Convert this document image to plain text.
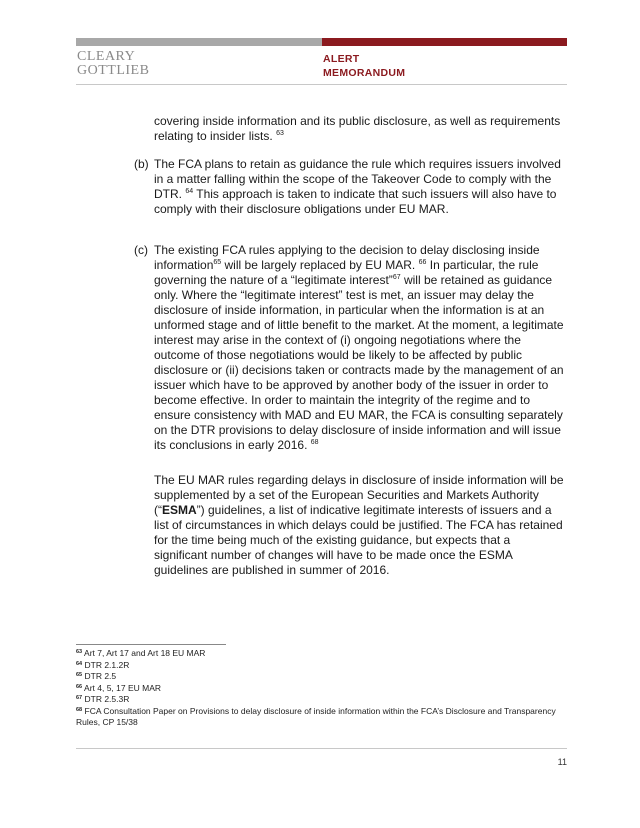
CLEARY
GOTTLIEB
ALERT
MEMORANDUM

covering inside information and its public disclosure, as well as requirements relating to insider lists. $^{63}$

(b) The FCA plans to retain as guidance the rule which requires issuers involved in a matter falling within the scope of the Takeover Code to comply with the DTR. $^{64}$ This approach is taken to indicate that such issuers will also have to comply with their disclosure obligations under EU MAR.
(c) The existing FCA rules applying to the decision to delay disclosing inside information$^{65}$ will be largely replaced by EU MAR. $^{66}$ In particular, the rule governing the nature of a “legitimate interest”$^{67}$ will be retained as guidance only. Where the “legitimate interest” test is met, an issuer may delay the disclosure of inside information, in particular when the information is at an unformed stage and of little benefit to the market. At the moment, a legitimate interest may arise in the context of (i) ongoing negotiations where the outcome of those negotiations would be likely to be affected by public disclosure or (ii) decisions taken or contracts made by the management of an issuer which have to be approved by another body of the issuer in order to become effective. In order to maintain the integrity of the regime and to ensure consistency with MAD and EU MAR, the FCA is consulting separately on the DTR provisions to delay disclosure of inside information and will issue its conclusions in early 2016. $^{68}$

The EU MAR rules regarding delays in disclosure of inside information will be supplemented by a set of the European Securities and Markets Authority (“ESMA”) guidelines, a list of indicative legitimate interests of issuers and a list of circumstances in which delays could be justified. The FCA has retained for the time being much of the existing guidance, but expects that a significant number of changes will have to be made once the ESMA guidelines are published in summer of 2016.

$^{63}$ Art 7, Art 17 and Art 18 EU MAR

$^{64}$ DTR 2.1.2R

$^{65}$ DTR 2.5

$^{66}$ Art 4, 5, 17 EU MAR

$^{67}$ DTR 2.5.3R

$^{68}$ FCA Consultation Paper on Provisions to delay disclosure of inside information within the FCA’s Disclosure and Transparency Rules, CP 15/38

11
